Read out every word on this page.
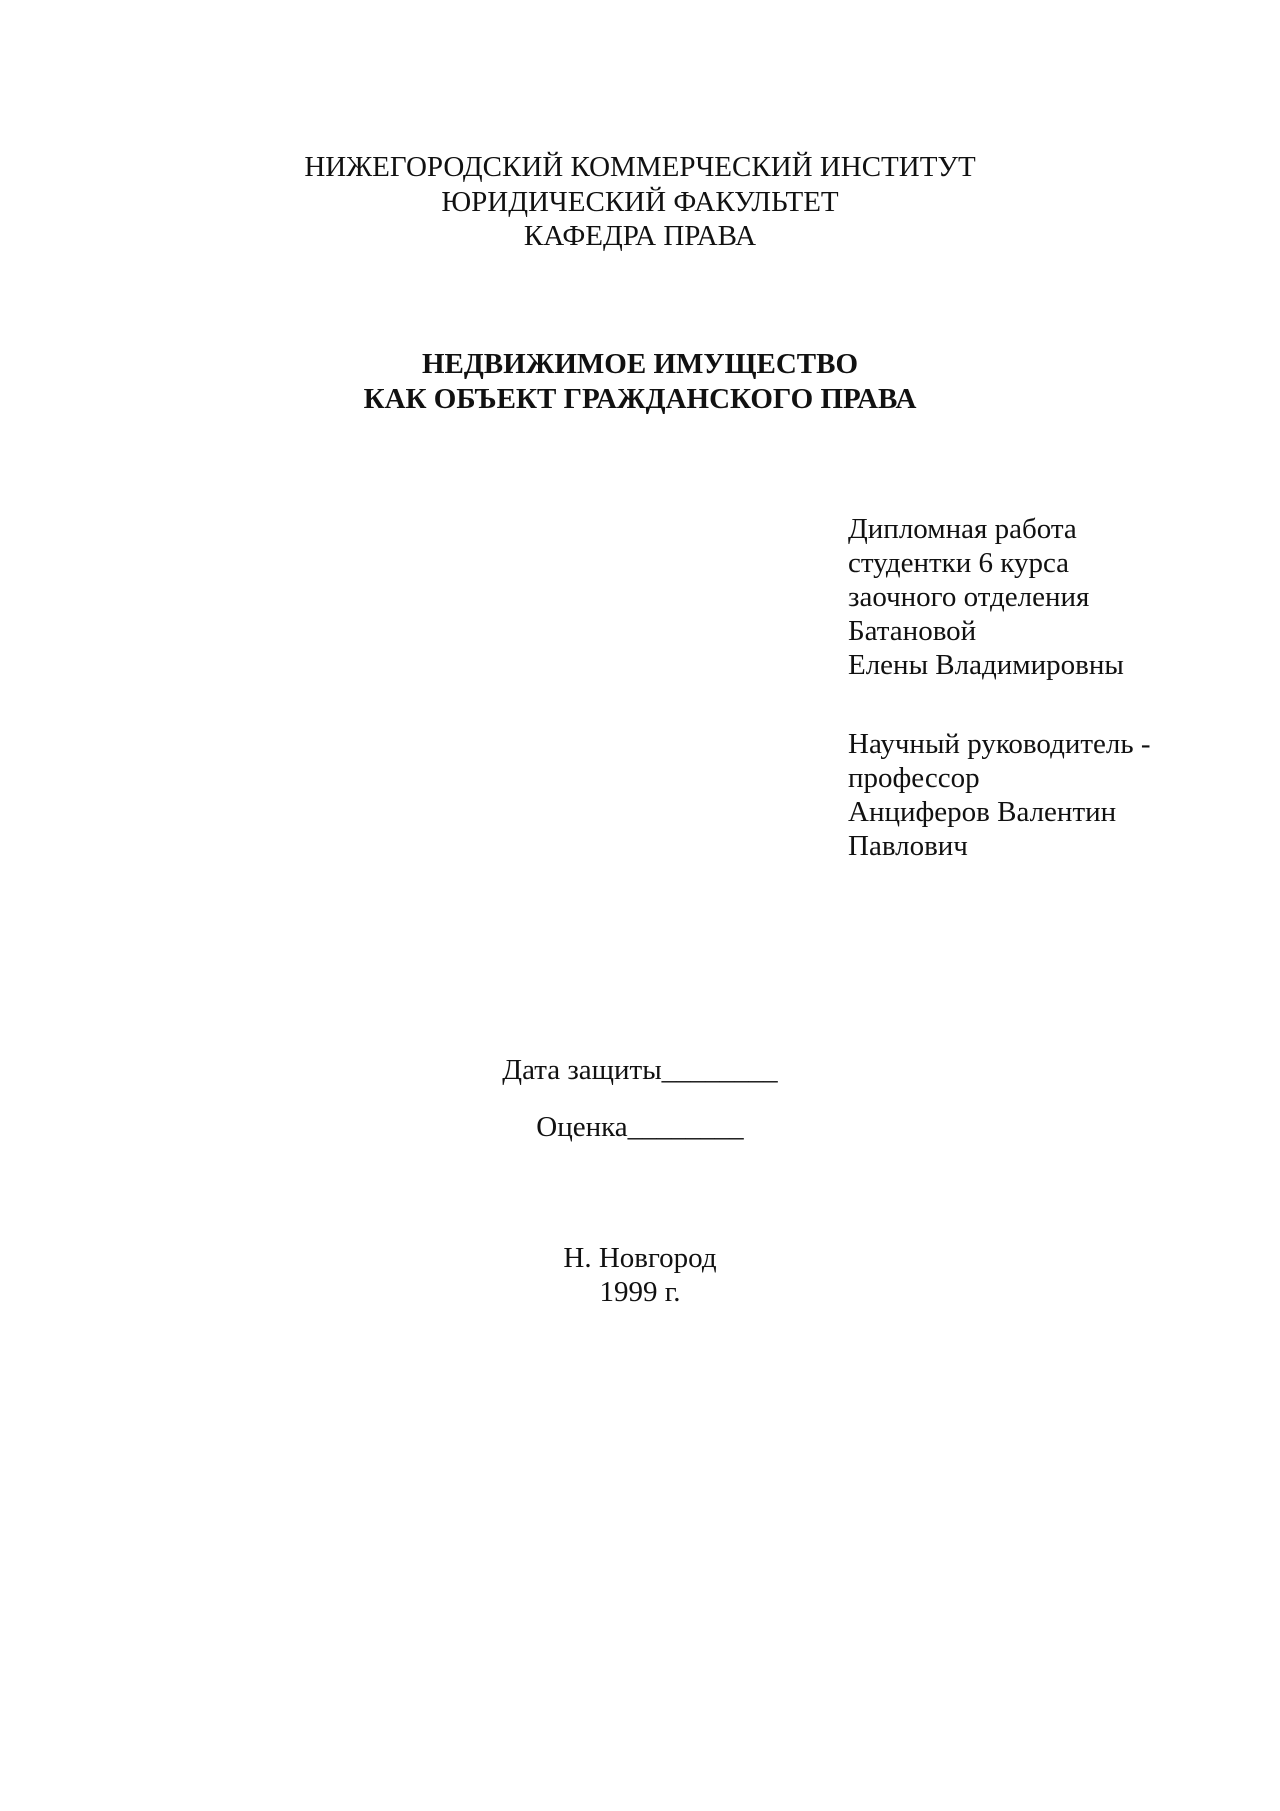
НИЖЕГОРОДСКИЙ КОММЕРЧЕСКИЙ ИНСТИТУТ

ЮРИДИЧЕСКИЙ ФАКУЛЬТЕТ

КАФЕДРА ПРАВА

НЕДВИЖИМОЕ ИМУЩЕСТВО

КАК ОБЪЕКТ ГРАЖДАНСКОГО ПРАВА

Дипломная работа
студентки 6 курса
заочного отделения
Батановой
Елены Владимировны
Научный руководитель -
профессор
Анциферов Валентин
Павлович

Дата защиты________

Оценка________

Н. Новгород

1999 г.
